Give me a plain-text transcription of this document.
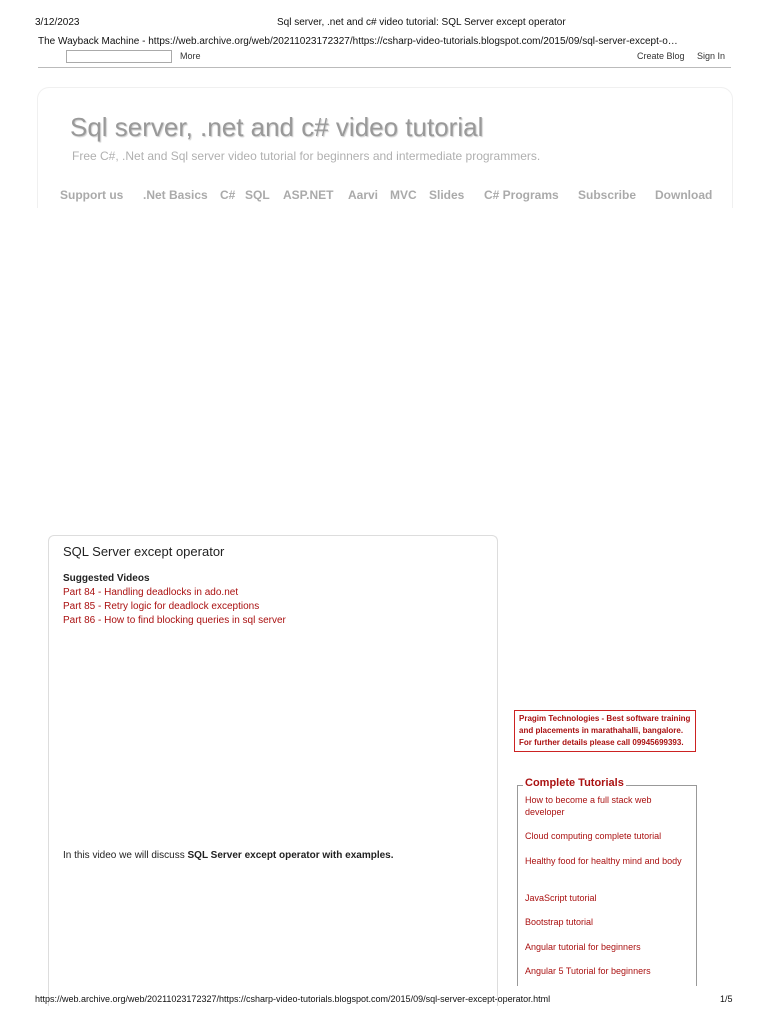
3/12/2023	Sql server, .net and c# video tutorial: SQL Server except operator
The Wayback Machine - https://web.archive.org/web/20211023172327/https://csharp-video-tutorials.blogspot.com/2015/09/sql-server-except-o…
More	Create Blog Sign In
Sql server, .net and c# video tutorial
Free C#, .Net and Sql server video tutorial for beginners and intermediate programmers.
Support us .Net Basics C# SQL ASP.NET Aarvi MVC Slides C# Programs Subscribe Download
SQL Server except operator
Suggested Videos
Part 84 - Handling deadlocks in ado.net
Part 85 - Retry logic for deadlock exceptions
Part 86 - How to find blocking queries in sql server
In this video we will discuss SQL Server except operator with examples.
Pragim Technologies - Best software training and placements in marathahalli, bangalore. For further details please call 09945699393.
Complete Tutorials
How to become a full stack web developer
Cloud computing complete tutorial
Healthy food for healthy mind and body
JavaScript tutorial
Bootstrap tutorial
Angular tutorial for beginners
Angular 5 Tutorial for beginners
https://web.archive.org/web/20211023172327/https://csharp-video-tutorials.blogspot.com/2015/09/sql-server-except-operator.html	1/5
